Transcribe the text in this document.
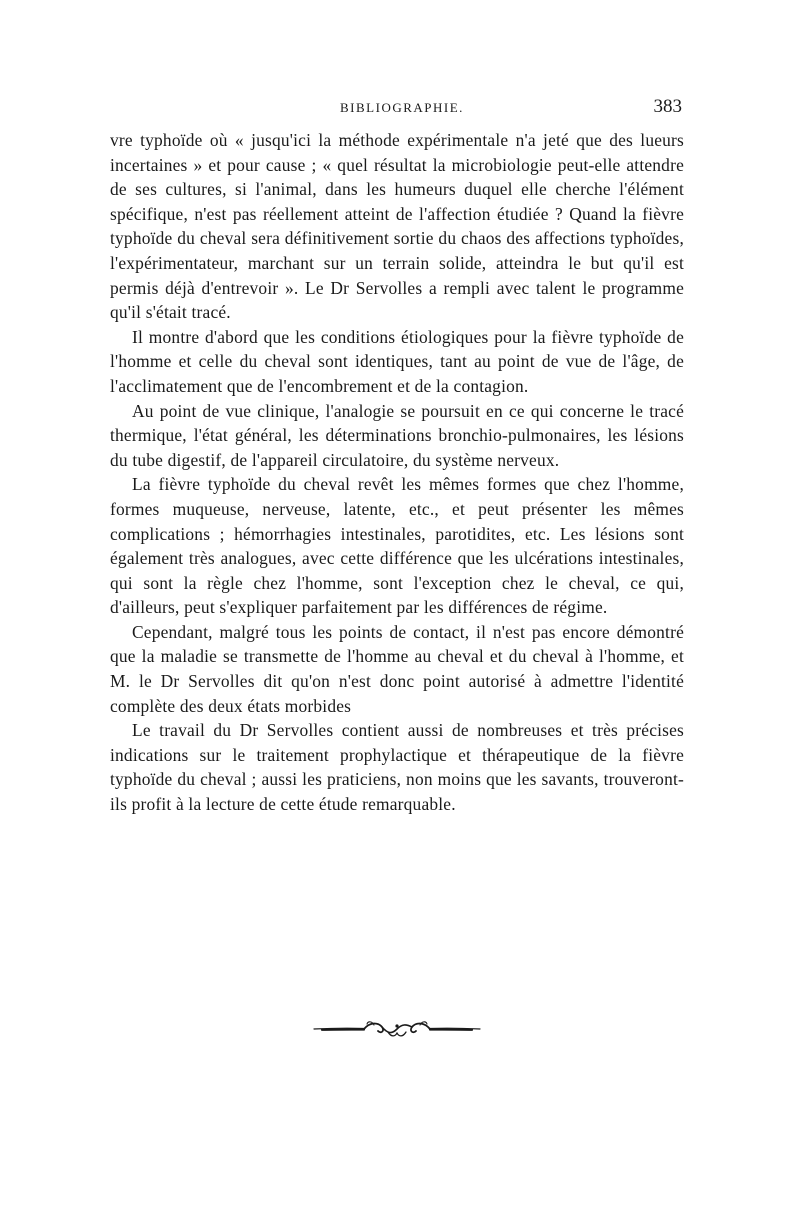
BIBLIOGRAPHIE.	383

vre typhoïde où « jusqu'ici la méthode expérimentale n'a jeté que des lueurs incertaines » et pour cause ; « quel résultat la microbiologie peut-elle attendre de ses cultures, si l'animal, dans les humeurs duquel elle cherche l'élément spécifique, n'est pas réellement atteint de l'affection étudiée ? Quand la fièvre typhoïde du cheval sera définitivement sortie du chaos des affections typhoïdes, l'expérimentateur, marchant sur un terrain solide, atteindra le but qu'il est permis déjà d'entrevoir ». Le Dr Servolles a rempli avec talent le programme qu'il s'était tracé.

Il montre d'abord que les conditions étiologiques pour la fièvre typhoïde de l'homme et celle du cheval sont identiques, tant au point de vue de l'âge, de l'acclimatement que de l'encombrement et de la contagion.

Au point de vue clinique, l'analogie se poursuit en ce qui concerne le tracé thermique, l'état général, les déterminations bronchio-pulmonaires, les lésions du tube digestif, de l'appareil circulatoire, du système nerveux.

La fièvre typhoïde du cheval revêt les mêmes formes que chez l'homme, formes muqueuse, nerveuse, latente, etc., et peut présenter les mêmes complications ; hémorrhagies intestinales, parotidites, etc. Les lésions sont également très analogues, avec cette différence que les ulcérations intestinales, qui sont la règle chez l'homme, sont l'exception chez le cheval, ce qui, d'ailleurs, peut s'expliquer parfaitement par les différences de régime.

Cependant, malgré tous les points de contact, il n'est pas encore démontré que la maladie se transmette de l'homme au cheval et du cheval à l'homme, et M. le Dr Servolles dit qu'on n'est donc point autorisé à admettre l'identité complète des deux états morbides

Le travail du Dr Servolles contient aussi de nombreuses et très précises indications sur le traitement prophylactique et thérapeutique de la fièvre typhoïde du cheval ; aussi les praticiens, non moins que les savants, trouveront-ils profit à la lecture de cette étude remarquable.
